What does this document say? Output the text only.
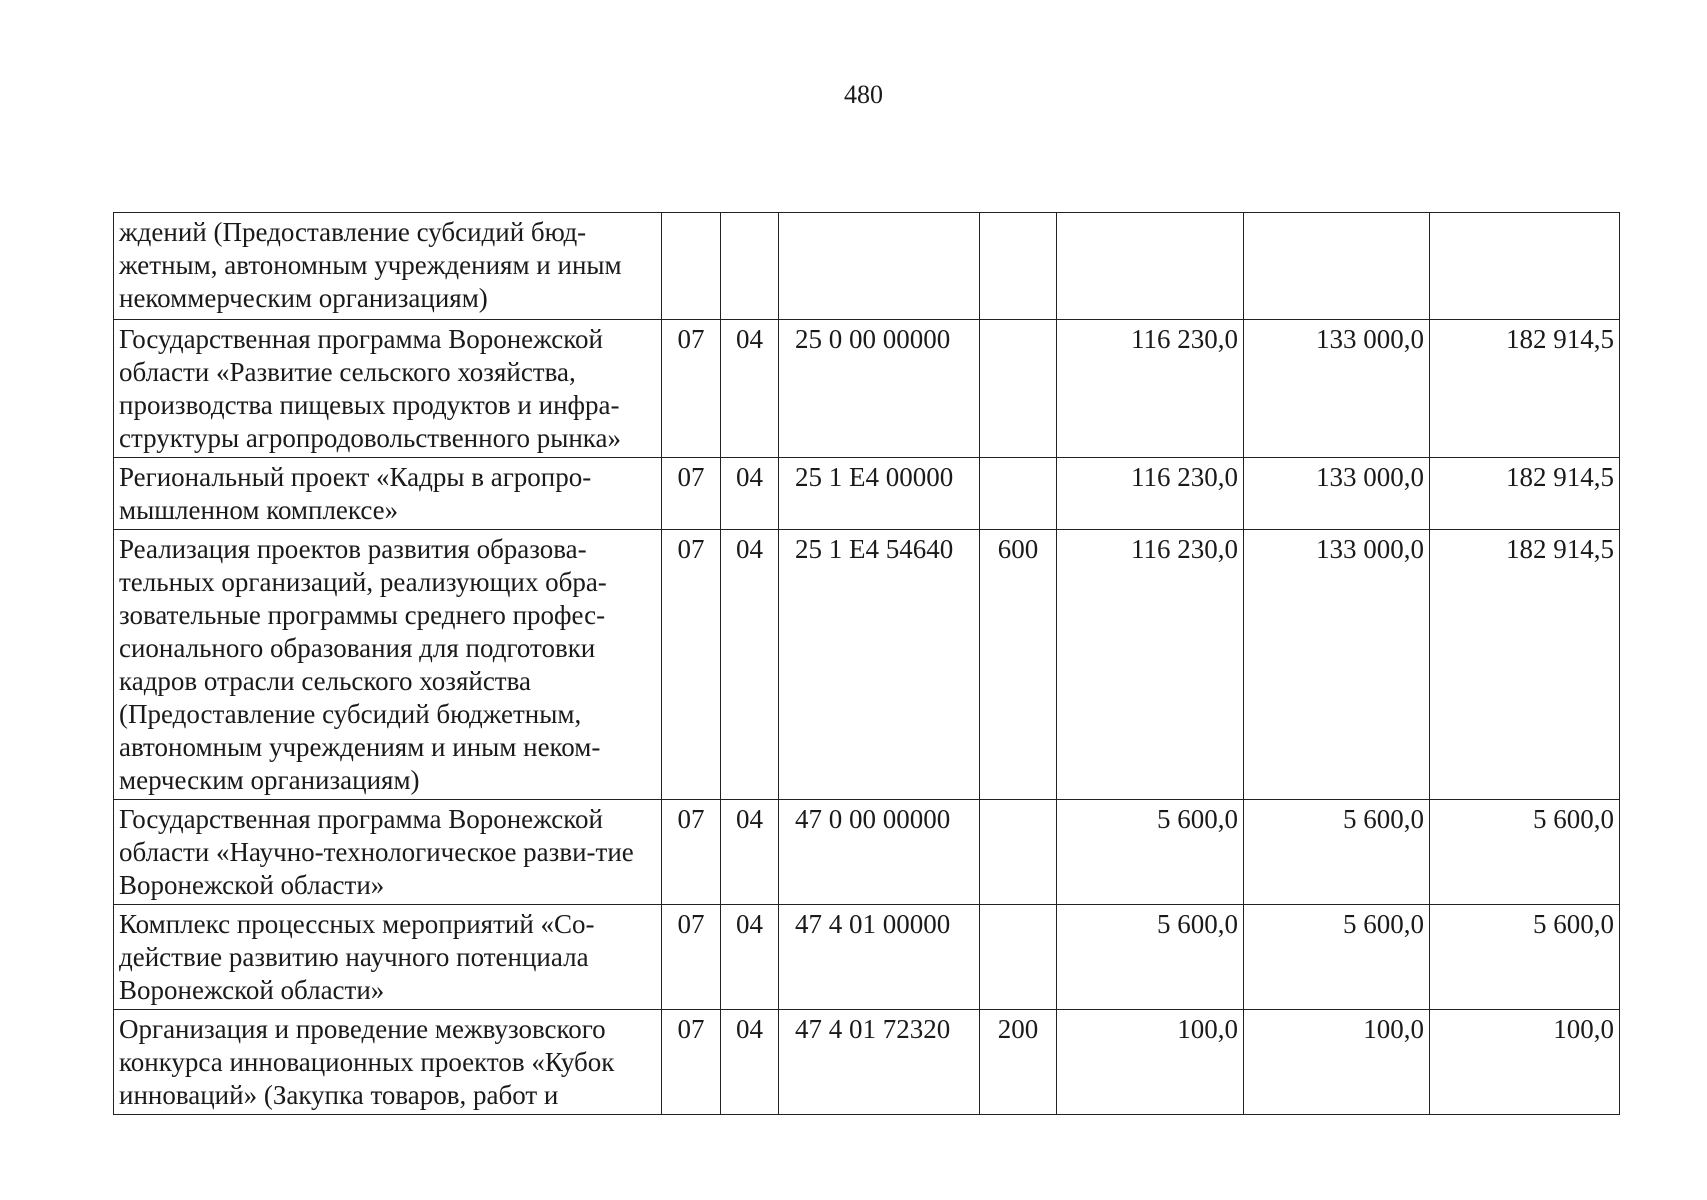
480
ждений (Предоставление субсидий бюд-жетным, автономным учреждениям и иным некоммерческим организациям)							
Государственная программа Воронежской области «Развитие сельского хозяйства, производства пищевых продуктов и инфра-структуры агропродовольственного рынка»	07	04	25 0 00 00000		116 230,0	133 000,0	182 914,5
Региональный проект «Кадры в агропро-мышленном комплексе»	07	04	25 1 Е4 00000		116 230,0	133 000,0	182 914,5
Реализация проектов развития образова-тельных организаций, реализующих обра-зовательные программы среднего профес-сионального образования для подготовки кадров отрасли сельского хозяйства (Предоставление субсидий бюджетным, автономным учреждениям и иным неком-мерческим организациям)	07	04	25 1 Е4 54640	600	116 230,0	133 000,0	182 914,5
Государственная программа Воронежской области «Научно-технологическое разви-тие Воронежской области»	07	04	47 0 00 00000		5 600,0	5 600,0	5 600,0
Комплекс процессных мероприятий «Со-действие развитию научного потенциала Воронежской области»	07	04	47 4 01 00000		5 600,0	5 600,0	5 600,0
Организация и проведение межвузовского конкурса инновационных проектов «Кубок инноваций» (Закупка товаров, работ и	07	04	47 4 01 72320	200	100,0	100,0	100,0
